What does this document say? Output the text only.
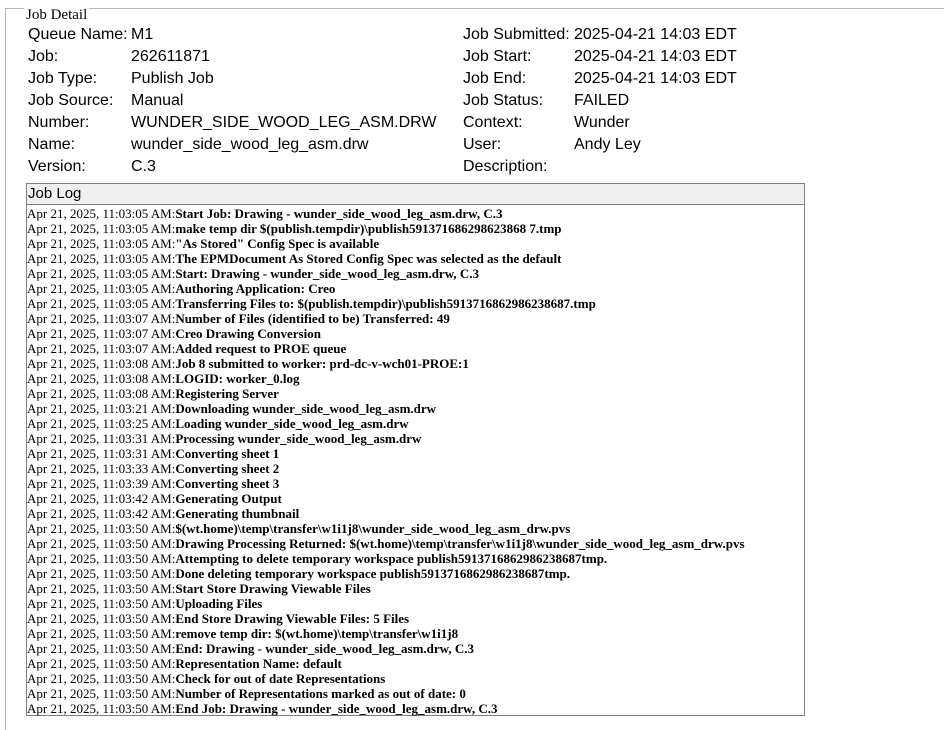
Job Detail
Queue Name: M1	Job Submitted: 2025-04-21 14:03 EDT
Job:	262611871	Job Start:	2025-04-21 14:03 EDT
Job Type: Publish Job	Job End:	2025-04-21 14:03 EDT
Job Source: Manual	Job Status: FAILED
Number:	WUNDER_SIDE_WOOD_LEG_ASM.DRW Context:	Wunder
Name:	wunder_side_wood_leg_asm.drw	User:	Andy Ley
Version:	C.3	Description:
Job Log
Apr 21, 2025, 11:03:05 AM:Start Job: Drawing - wunder_side_wood_leg_asm.drw, C.3
Apr 21, 2025, 11:03:05 AM:make temp dir $(publish.tempdir)\publish591371686298623868 7.tmp
Apr 21, 2025, 11:03:05 AM:"As Stored" Config Spec is available
Apr 21, 2025, 11:03:05 AM:The EPMDocument As Stored Config Spec was selected as the default
Apr 21, 2025, 11:03:05 AM:Start: Drawing - wunder_side_wood_leg_asm.drw, C.3
Apr 21, 2025, 11:03:05 AM:Authoring Application: Creo
Apr 21, 2025, 11:03:05 AM:Transferring Files to: $(publish.tempdir)\publish5913716862986238687.tmp
Apr 21, 2025, 11:03:07 AM:Number of Files (identified to be) Transferred: 49
Apr 21, 2025, 11:03:07 AM:Creo Drawing Conversion
Apr 21, 2025, 11:03:07 AM:Added request to PROE queue
Apr 21, 2025, 11:03:08 AM:Job 8 submitted to worker: prd-dc-v-wch01-PROE:1
Apr 21, 2025, 11:03:08 AM:LOGID: worker_0.log
Apr 21, 2025, 11:03:08 AM:Registering Server
Apr 21, 2025, 11:03:21 AM:Downloading wunder_side_wood_leg_asm.drw
Apr 21, 2025, 11:03:25 AM:Loading wunder_side_wood_leg_asm.drw
Apr 21, 2025, 11:03:31 AM:Processing wunder_side_wood_leg_asm.drw
Apr 21, 2025, 11:03:31 AM:Converting sheet 1
Apr 21, 2025, 11:03:33 AM:Converting sheet 2
Apr 21, 2025, 11:03:39 AM:Converting sheet 3
Apr 21, 2025, 11:03:42 AM:Generating Output
Apr 21, 2025, 11:03:42 AM:Generating thumbnail
Apr 21, 2025, 11:03:50 AM:$(wt.home)\temp\transfer\w1i1j8\wunder_side_wood_leg_asm_drw.pvs
Apr 21, 2025, 11:03:50 AM:Drawing Processing Returned: $(wt.home)\temp\transfer\w1i1j8\wunder_side_wood_leg_asm_drw.pvs
Apr 21, 2025, 11:03:50 AM:Attempting to delete temporary workspace publish5913716862986238687tmp.
Apr 21, 2025, 11:03:50 AM:Done deleting temporary workspace publish5913716862986238687tmp.
Apr 21, 2025, 11:03:50 AM:Start Store Drawing Viewable Files
Apr 21, 2025, 11:03:50 AM:Uploading Files
Apr 21, 2025, 11:03:50 AM:End Store Drawing Viewable Files: 5 Files
Apr 21, 2025, 11:03:50 AM:remove temp dir: $(wt.home)\temp\transfer\w1i1j8
Apr 21, 2025, 11:03:50 AM:End: Drawing - wunder_side_wood_leg_asm.drw, C.3
Apr 21, 2025, 11:03:50 AM:Representation Name: default
Apr 21, 2025, 11:03:50 AM:Check for out of date Representations
Apr 21, 2025, 11:03:50 AM:Number of Representations marked as out of date: 0
Apr 21, 2025, 11:03:50 AM:End Job: Drawing - wunder_side_wood_leg_asm.drw, C.3
